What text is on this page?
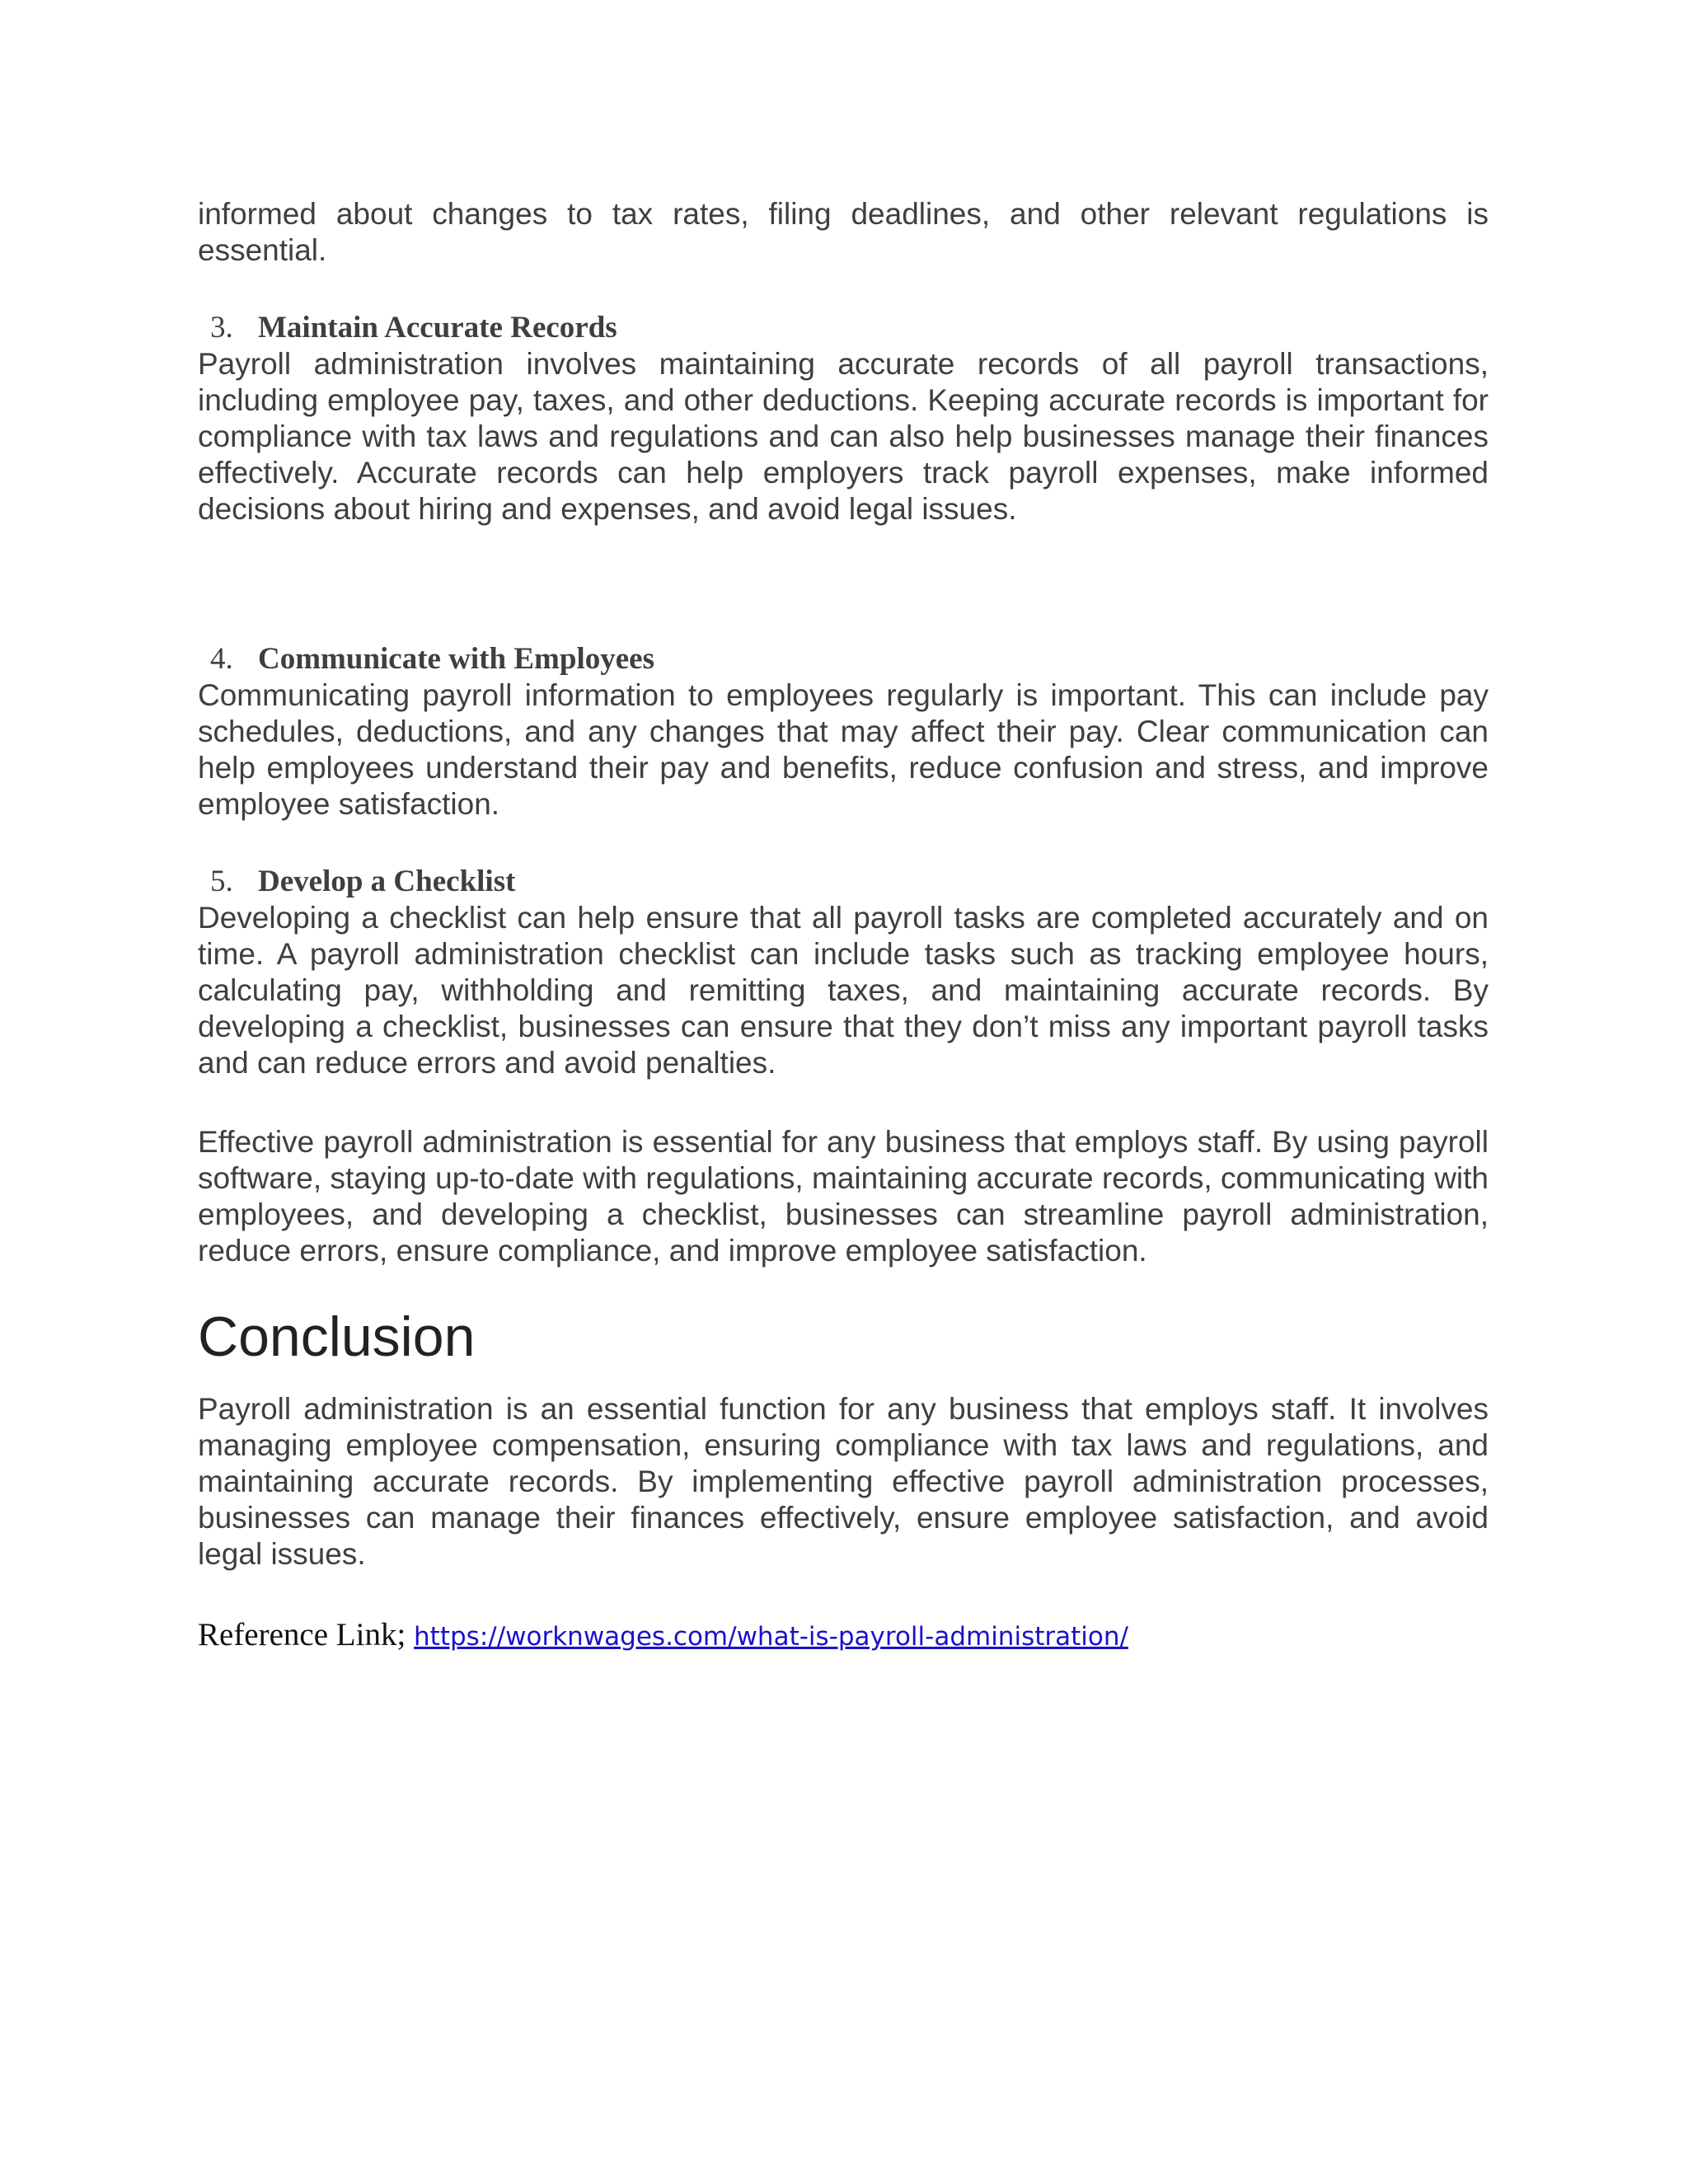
informed about changes to tax rates, filing deadlines, and other relevant regulations is essential.

3. Maintain Accurate Records

Payroll administration involves maintaining accurate records of all payroll transactions, including employee pay, taxes, and other deductions. Keeping accurate records is important for compliance with tax laws and regulations and can also help businesses manage their finances effectively. Accurate records can help employers track payroll expenses, make informed decisions about hiring and expenses, and avoid legal issues.

4. Communicate with Employees

Communicating payroll information to employees regularly is important. This can include pay schedules, deductions, and any changes that may affect their pay. Clear communication can help employees understand their pay and benefits, reduce confusion and stress, and improve employee satisfaction.

5. Develop a Checklist

Developing a checklist can help ensure that all payroll tasks are completed accurately and on time. A payroll administration checklist can include tasks such as tracking employee hours, calculating pay, withholding and remitting taxes, and maintaining accurate records. By developing a checklist, businesses can ensure that they don’t miss any important payroll tasks and can reduce errors and avoid penalties.

Effective payroll administration is essential for any business that employs staff. By using payroll software, staying up-to-date with regulations, maintaining accurate records, communicating with employees, and developing a checklist, businesses can streamline payroll administration, reduce errors, ensure compliance, and improve employee satisfaction.

Conclusion

Payroll administration is an essential function for any business that employs staff. It involves managing employee compensation, ensuring compliance with tax laws and regulations, and maintaining accurate records. By implementing effective payroll administration processes, businesses can manage their finances effectively, ensure employee satisfaction, and avoid legal issues.

Reference Link; https://worknwages.com/what-is-payroll-administration/
